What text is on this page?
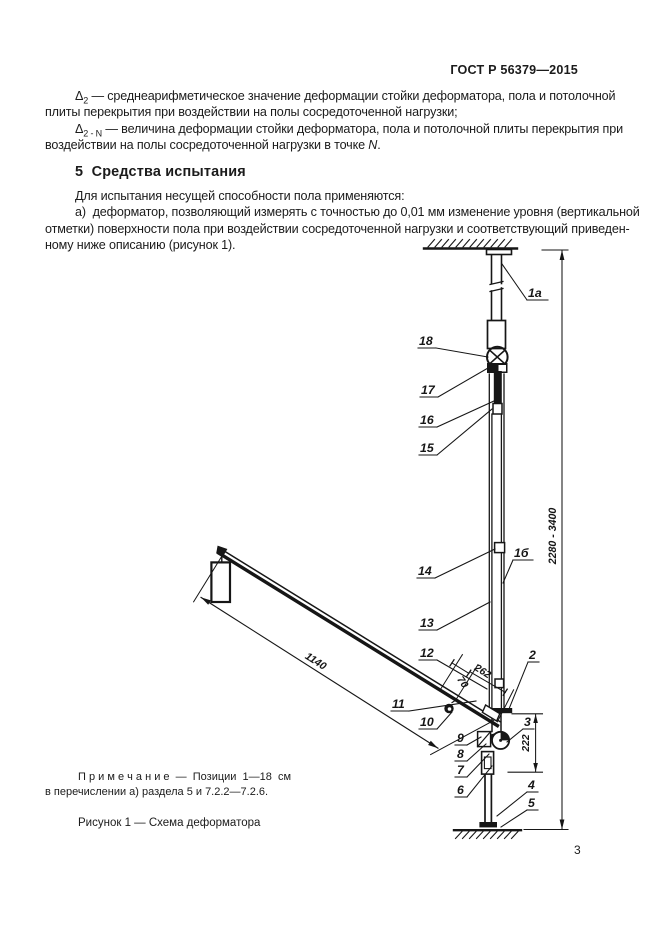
ГОСТ Р 56379—2015
$\Delta_2$ — среднеарифметическое значение деформации стойки деформатора, пола и потолочной
плиты перекрытия при воздействии на полы сосредоточенной нагрузки;
$\Delta_{2 - N}$ — величина деформации стойки деформатора, пола и потолочной плиты перекрытия при
воздействии на полы сосредоточенной нагрузки в точке N.
5  Средства испытания
Для испытания несущей способности пола применяются:
а)  деформатор, позволяющий измерять с точностью до 0,01 мм изменение уровня (вертикальной
отметки) поверхности пола при воздействии сосредоточенной нагрузки и соответствующий приведен-
ному ниже описанию (рисунок 1).
П р и м е ч а н и е  —  Позиции  1—18  см
в перечислении а) раздела 5 и 7.2.2—7.2.6.
Рисунок 1 — Схема деформатора
3
2280 - 3400
1140
70
262
222
1а
18
17
16
15
14
1б
13
12
11
10
9
8
7
6
2
3
4
5
